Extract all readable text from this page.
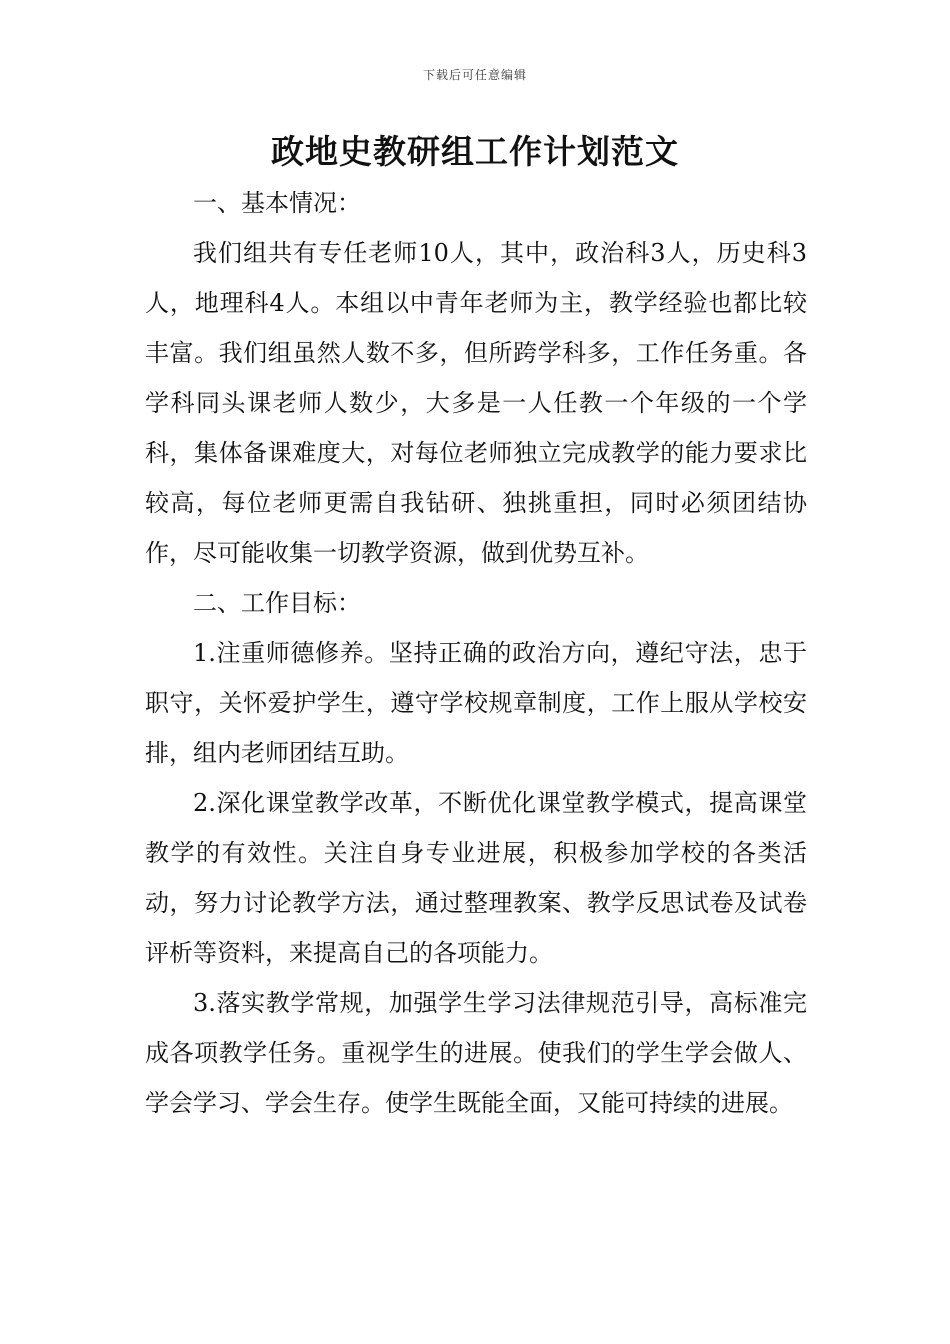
下载后可任意编辑
政地史教研组工作计划范文

一、基本情况：

我们组共有专任老师10人，其中，政治科3人，历史科3人，地理科4人。本组以中青年老师为主，教学经验也都比较丰富。我们组虽然人数不多，但所跨学科多，工作任务重。各学科同头课老师人数少，大多是一人任教一个年级的一个学科，集体备课难度大，对每位老师独立完成教学的能力要求比较高，每位老师更需自我钻研、独挑重担，同时必须团结协作，尽可能收集一切教学资源，做到优势互补。

二、工作目标：

1.注重师德修养。坚持正确的政治方向，遵纪守法，忠于职守，关怀爱护学生，遵守学校规章制度，工作上服从学校安排，组内老师团结互助。

2.深化课堂教学改革，不断优化课堂教学模式，提高课堂教学的有效性。关注自身专业进展，积极参加学校的各类活动，努力讨论教学方法，通过整理教案、教学反思试卷及试卷评析等资料，来提高自己的各项能力。

3.落实教学常规，加强学生学习法律规范引导，高标准完成各项教学任务。重视学生的进展。使我们的学生学会做人、学会学习、学会生存。使学生既能全面，又能可持续的进展。
